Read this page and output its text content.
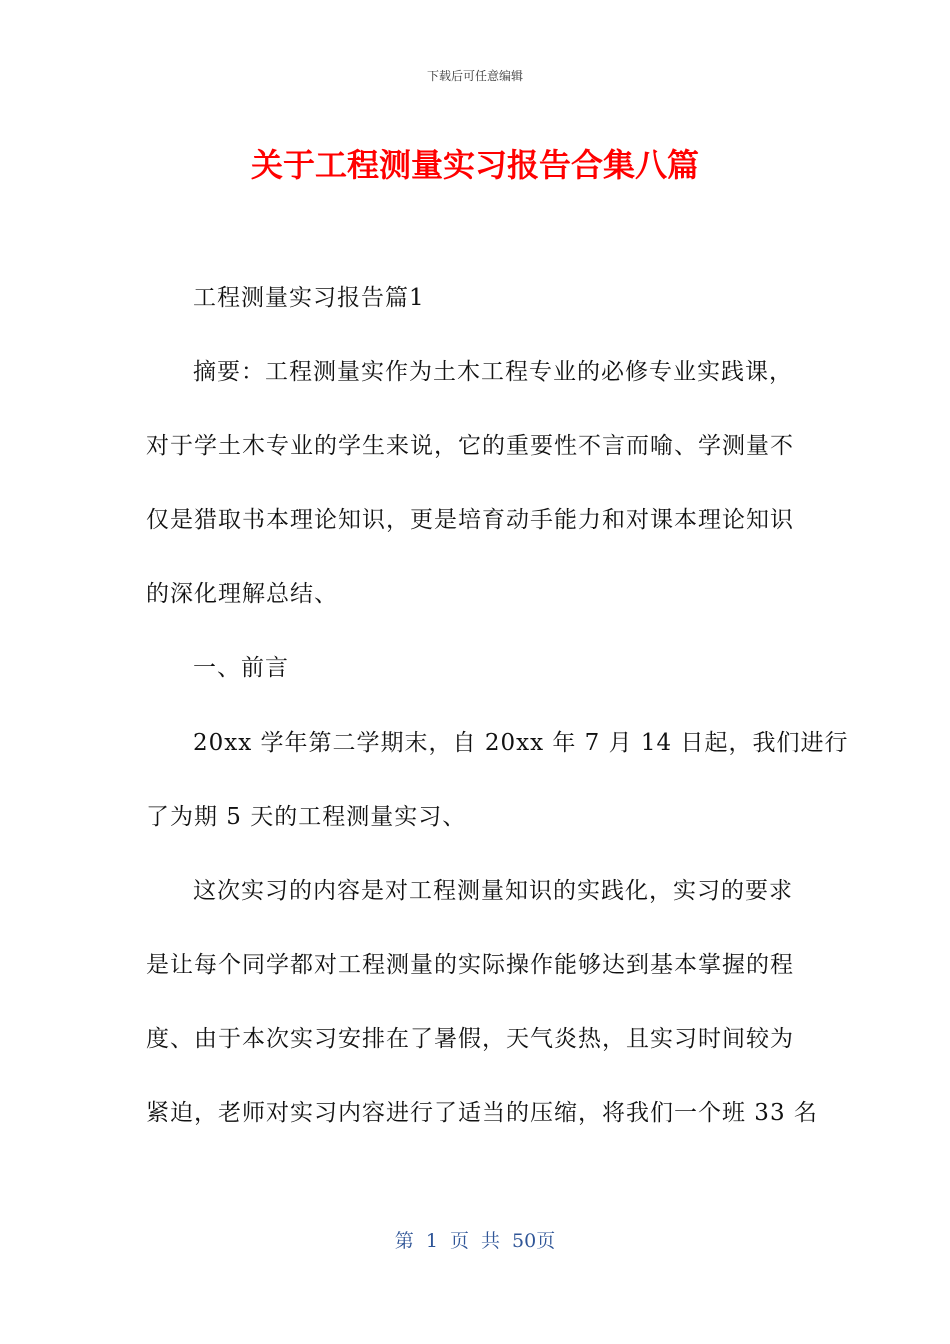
下载后可任意编辑
关于工程测量实习报告合集八篇
工程测量实习报告篇1
摘要：工程测量实作为土木工程专业的必修专业实践课，
对于学土木专业的学生来说，它的重要性不言而喻、学测量不
仅是猎取书本理论知识，更是培育动手能力和对课本理论知识
的深化理解总结、
一、前言
20xx 学年第二学期末，自 20xx 年 7 月 14 日起，我们进行
了为期 5 天的工程测量实习、
这次实习的内容是对工程测量知识的实践化，实习的要求
是让每个同学都对工程测量的实际操作能够达到基本掌握的程
度、由于本次实习安排在了暑假，天气炎热，且实习时间较为
紧迫，老师对实习内容进行了适当的压缩，将我们一个班 33 名
第 1 页 共 50页
